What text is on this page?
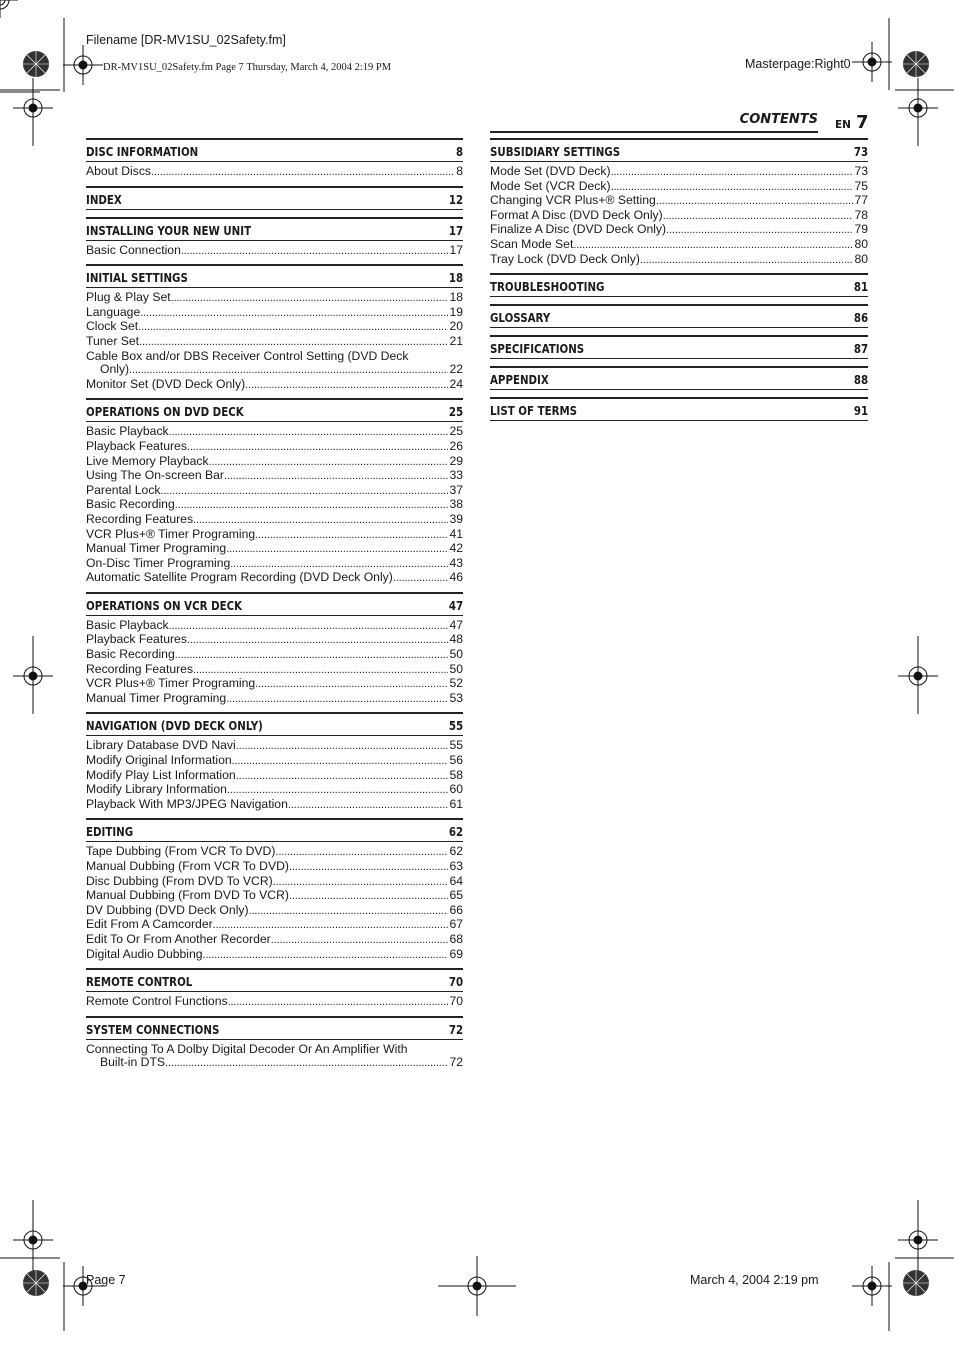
Filename [DR-MV1SU_02Safety.fm]
DR-MV1SU_02Safety.fm Page 7 Thursday, March 4, 2004 2:19 PM	Masterpage:Right0
CONTENTS EN 7
DISC INFORMATION	8
About Discs . . .	8
INDEX	12
INSTALLING YOUR NEW UNIT	17
Basic Connection . . .	17
INITIAL SETTINGS	18
Plug & Play Set . . .	18
Language . . .	19
Clock Set . . .	20
Tuner Set . . .	21
Cable Box and/or DBS Receiver Control Setting (DVD Deck
Only) . . .	22
Monitor Set (DVD Deck Only) . . .	24
OPERATIONS ON DVD DECK	25
Basic Playback . . .	25
Playback Features . . .	26
Live Memory Playback . . .	29
Using The On-screen Bar . . .	33
Parental Lock . . .	37
Basic Recording . . .	38
Recording Features . . .	39
VCR Plus+® Timer Programing . . .	41
Manual Timer Programing . . .	42
On-Disc Timer Programing . . .	43
Automatic Satellite Program Recording (DVD Deck Only) . . .	46
OPERATIONS ON VCR DECK	47
Basic Playback . . .	47
Playback Features . . .	48
Basic Recording . . .	50
Recording Features . . .	50
VCR Plus+® Timer Programing . . .	52
Manual Timer Programing . . .	53
NAVIGATION (DVD DECK ONLY)	55
Library Database DVD Navi . . .	55
Modify Original Information . . .	56
Modify Play List Information . . .	58
Modify Library Information . . .	60
Playback With MP3/JPEG Navigation . . .	61
EDITING	62
Tape Dubbing (From VCR To DVD) . . .	62
Manual Dubbing (From VCR To DVD) . . .	63
Disc Dubbing (From DVD To VCR) . . .	64
Manual Dubbing (From DVD To VCR) . . .	65
DV Dubbing (DVD Deck Only) . . .	66
Edit From A Camcorder . . .	67
Edit To Or From Another Recorder . . .	68
Digital Audio Dubbing . . .	69
REMOTE CONTROL	70
Remote Control Functions . . .	70
SYSTEM CONNECTIONS	72
Connecting To A Dolby Digital Decoder Or An Amplifier With
Built-in DTS . . .	72
SUBSIDIARY SETTINGS	73
Mode Set (DVD Deck) . . .	73
Mode Set (VCR Deck) . . .	75
Changing VCR Plus+® Setting . . .	77
Format A Disc (DVD Deck Only) . . .	78
Finalize A Disc (DVD Deck Only) . . .	79
Scan Mode Set . . .	80
Tray Lock (DVD Deck Only) . . .	80
TROUBLESHOOTING	81
GLOSSARY	86
SPECIFICATIONS	87
APPENDIX	88
LIST OF TERMS	91
Page 7	March 4, 2004 2:19 pm
